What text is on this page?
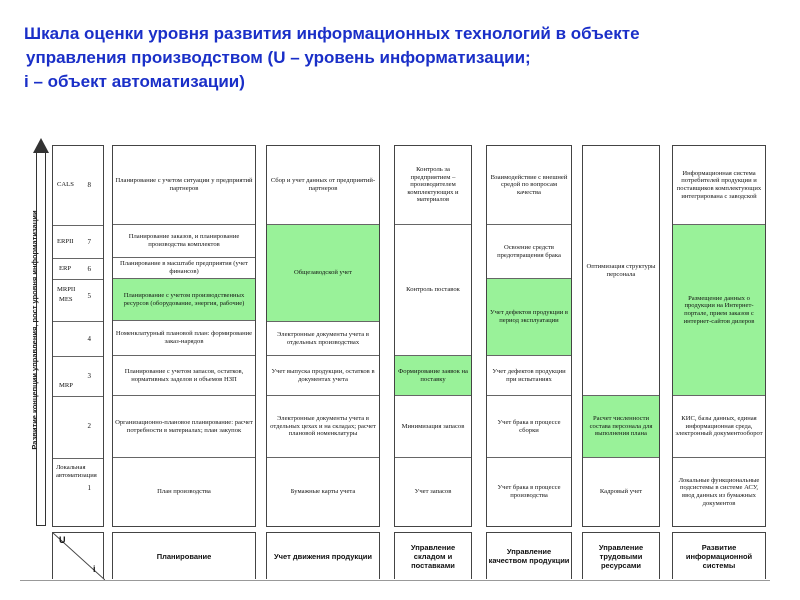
Шкала оценки уровня развития информационных технологий в объекте
управления производством (U – уровень информатизации;
i – объект автоматизации)
Развитие концепции управления, рост уровня информатизации
CALS 8
ERPII 7
ERP 6
MRPII
MES 5
4
MRP
3
2
Локальная автоматизация
1
Планирование с учетом ситуации у предприятий партнеров
Планирование заказов, и планирование производства комплектов
Планирование в масштабе предприятия (учет финансов)
Планирование с учетом производственных ресурсов (оборудование, энергия, рабочие)
Номенклатурный плановой план: формирование заказ-нарядов
Планирование с учетом запасов, остатков, нормативных заделов и объемов НЗП
Организационно-плановое планирование: расчет потребности в материалах; план закупок
План производства
Сбор и учет данных от предприятий-партнеров
Общезаводской учет
Электронные документы учета в отдельных производствах
Учет выпуска продукции, остатков в документах учета
Электронные документы учета в отдельных цехах и на складах; расчет плановой номенклатуры
Бумажные карты учета
Контроль за предприятием – производителем комплектующих и материалов
Контроль поставок
Формирование заявок на поставку
Минимизация запасов
Учет запасов
Взаимодействие с внешней средой по вопросам качества
Освоение средств предотвращения брака
Учет дефектов продукции в период эксплуатации
Учет дефектов продукции при испытаниях
Учет брака в процессе сборки
Учет брака в процессе производства
Оптимизация структуры персонала
Расчет численности состава персонала для выполнения плана
Кадровый учет
Информационная система потребителей продукции и поставщиков комплектующих интегрирована с заводской
Размещение данных о продукции на Интернет-портале, прием заказов с интернет-сайтов дилеров
КИС, базы данных, единая информационная среда, электронный документооборот
Локальные функциональные подсистемы в системе АСУ, ввод данных из бумажных документов
U
i
Планирование	Учет движения продукции
Управление складом и поставками
Управление качеством продукции
Управление трудовыми ресурсами
Развитие информационной системы
